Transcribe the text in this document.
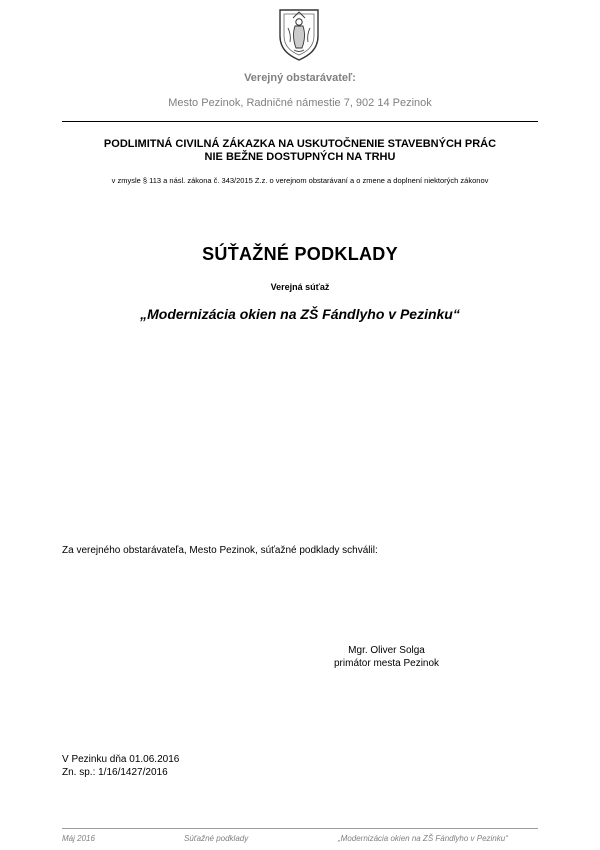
Verejný obstarávateľ:
Mesto Pezinok, Radničné námestie 7, 902 14 Pezinok
PODLIMITNÁ CIVILNÁ ZÁKAZKA NA USKUTOČNENIE STAVEBNÝCH PRÁC
NIE BEŽNE DOSTUPNÝCH NA TRHU
v zmysle § 113 a násl. zákona č. 343/2015 Z.z. o verejnom obstarávaní a o zmene a doplnení niektorých zákonov
SÚŤAŽNÉ PODKLADY
Verejná súťaž
„Modernizácia okien na ZŠ Fándlyho v Pezinku“
Za verejného obstarávateľa, Mesto Pezinok, súťažné podklady schválil:
Mgr. Oliver Solga
primátor mesta Pezinok
V Pezinku dňa 01.06.2016
Zn. sp.: 1/16/1427/2016
Máj 2016	Súťažné podklady	„Modernizácia okien na ZŠ Fándlyho v Pezinku“
